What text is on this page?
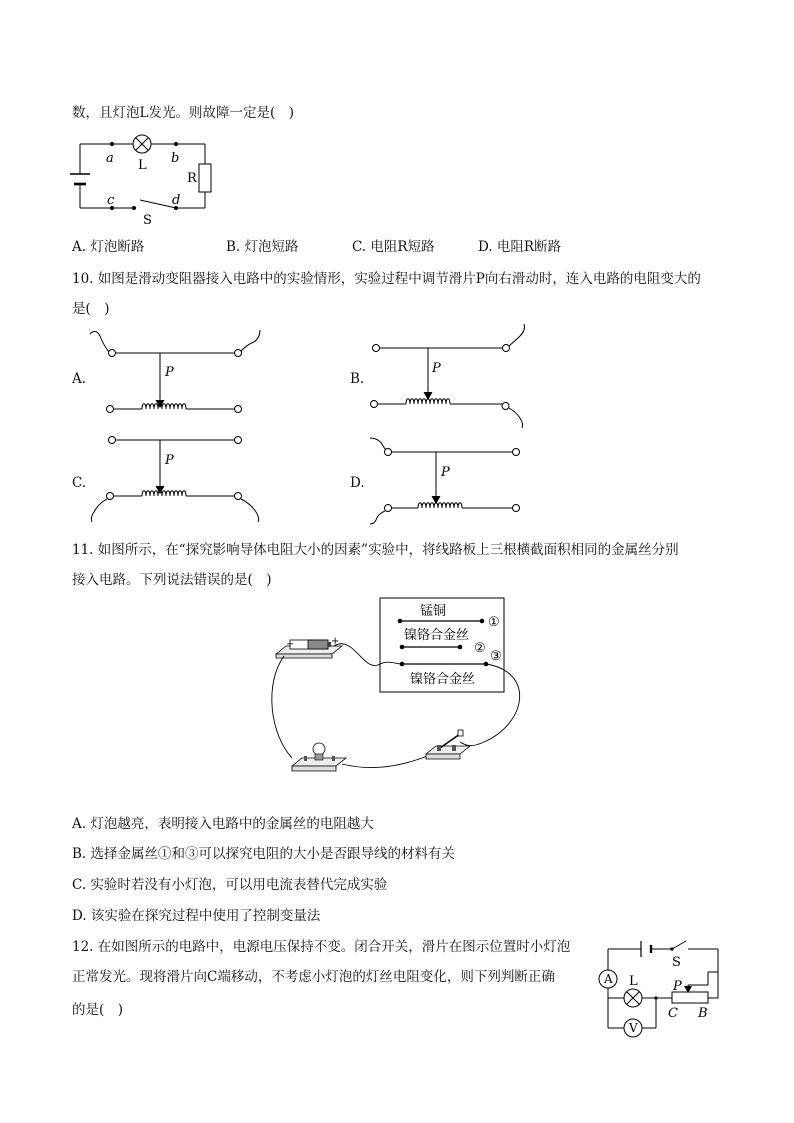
数，且灯泡L发光。则故障一定是(　)
a	b
L
R
c	d
S
A. 灯泡断路	B. 灯泡短路	C. 电阻R短路	D. 电阻R断路
10. 如图是滑动变阻器接入电路中的实验情形，实验过程中调节滑片P向右滑动时，连入电路的电阻变大的
是(　)
A.	P	B.
P
C.
P
D.
P
11. 如图所示，在“探究影响导体电阻大小的因素”实验中，将线路板上三根横截面积相同的金属丝分别
接入电路。下列说法错误的是(　)
锰铜
镍铬合金丝
镍铬合金丝
①
②
③
−	+
A. 灯泡越亮，表明接入电路中的金属丝的电阻越大
B. 选择金属丝①和③可以探究电阻的大小是否跟导线的材料有关
C. 实验时若没有小灯泡，可以用电流表替代完成实验
D. 该实验在探究过程中使用了控制变量法
12. 在如图所示的电路中，电源电压保持不变。闭合开关，滑片在图示位置时小灯泡
正常发光。现将滑片向C端移动，不考虑小灯泡的灯丝电阻变化，则下列判断正确
的是(　)
A
V
L
S
P
C B
